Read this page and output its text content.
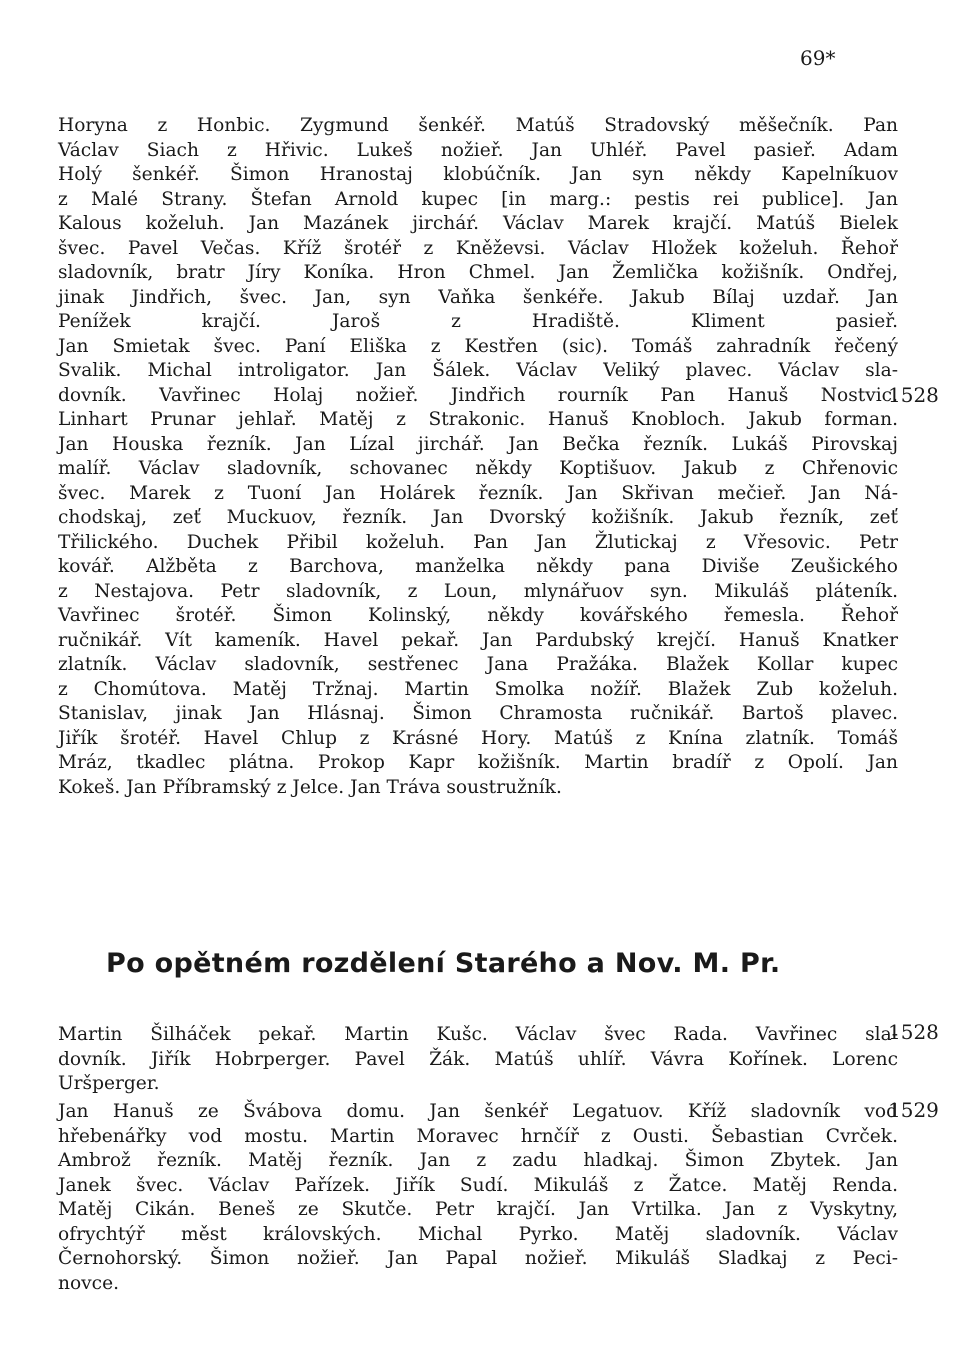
69*
Horyna z Honbic. Zygmund šenkéř. Matúš Stradovský měšečník. Pan
Václav Siach z Hřivic. Lukeš nožieř. Jan Uhléř. Pavel pasieř. Adam
Holý šenkéř. Šimon Hranostaj klobúčník. Jan syn někdy Kapelníkuov
z Malé Strany. Štefan Arnold kupec [in marg.: pestis rei publice]. Jan
Kalous koželuh. Jan Mazánek jircháŕ. Václav Marek krajčí. Matúš Bielek
švec. Pavel Večas. Kříž šrotéř z Kněževsi. Václav Hložek koželuh. Řehoř
sladovník, bratr Jíry Koníka. Hron Chmel. Jan Žemlička kožišník. Ondřej,
jinak Jindřich, švec. Jan, syn Vaňka šenkéře. Jakub Bílaj uzdař. Jan
Penížek krajčí. Jaroš z Hradiště. Kliment pasieř.
Jan Smietak švec. Paní Eliška z Kestřen (sic). Tomáš zahradník řečený
Svalik. Michal introligator. Jan Šálek. Václav Veliký plavec. Václav sla-
dovník. Vavřinec Holaj nožieř. Jindřich rourník Pan Hanuš Nostvic.
Linhart Prunar jehlař. Matěj z Strakonic. Hanuš Knobloch. Jakub forman.
Jan Houska řezník. Jan Lízal jirchář. Jan Bečka řezník. Lukáš Pirovskaj
malíř. Václav sladovník, schovanec někdy Koptišuov. Jakub z Chřenovic
švec. Marek z Tuoní Jan Holárek řezník. Jan Skřivan mečieř. Jan Ná-
chodskaj, zeť Muckuov, řezník. Jan Dvorský kožišník. Jakub řezník, zeť
Třilického. Duchek Přibil koželuh. Pan Jan Žlutickaj z Vřesovic. Petr
kovář. Alžběta z Barchova, manželka někdy pana Diviše Zeušického
z Nestajova. Petr sladovník, z Loun, mlynářuov syn. Mikuláš pláteník.
Vavřinec šrotéř. Šimon Kolinský, někdy kovářského řemesla. Řehoř
ručnikář. Vít kameník. Havel pekař. Jan Pardubský krejčí. Hanuš Knatker
zlatník. Václav sladovník, sestřenec Jana Pražáka. Blažek Kollar kupec
z Chomútova. Matěj Tržnaj. Martin Smolka nožíř. Blažek Zub koželuh.
Stanislav, jinak Jan Hlásnaj. Šimon Chramosta ručnikář. Bartoš plavec.
Jiřík šrotéř. Havel Chlup z Krásné Hory. Matúš z Knína zlatník. Tomáš
Mráz, tkadlec plátna. Prokop Kapr kožišník. Martin bradíř z Opolí. Jan
Kokeš. Jan Příbramský z Jelce. Jan Tráva soustružník.
1528
Po opětném rozdělení Starého a Nov. M. Pr.
Martin Šilháček pekař. Martin Kušc. Václav švec Rada. Vavřinec sla-
dovník. Jiřík Hobrperger. Pavel Žák. Matúš uhlíř. Vávra Kořínek. Lorenc
Uršperger.
1528
Jan Hanuš ze Švábova domu. Jan šenkéř Legatuov. Kříž sladovník vod
hřebenářky vod mostu. Martin Moravec hrnčíř z Ousti. Šebastian Cvrček.
Ambrož řezník. Matěj řezník. Jan z zadu hladkaj. Šimon Zbytek. Jan
Janek švec. Václav Pařízek. Jiřík Sudí. Mikuláš z Žatce. Matěj Renda.
Matěj Cikán. Beneš ze Skutče. Petr krajčí. Jan Vrtilka. Jan z Vyskytny,
ofrychtýř měst královských. Michal Pyrko. Matěj sladovník. Václav
Černohorský. Šimon nožieř. Jan Papal nožieř. Mikuláš Sladkaj z Peci-
novce.
1529
